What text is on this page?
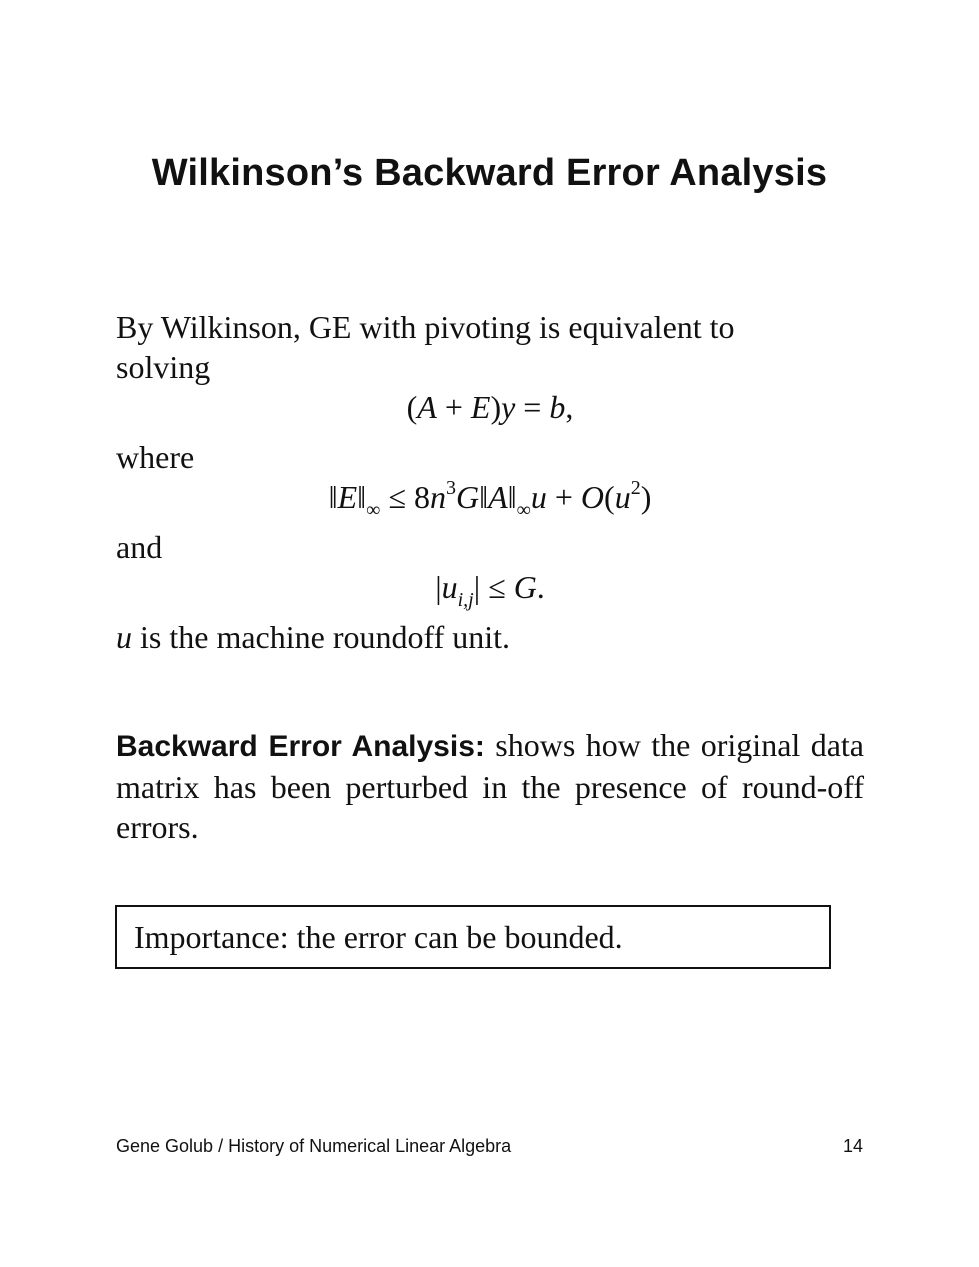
Wilkinson’s Backward Error Analysis

By Wilkinson, GE with pivoting is equivalent to
solving

(A + E)y = b,

where

$‖E‖_\infty$ ≤ $8n^3G‖A‖_\infty u + O(u^2)$

and

$|u_{i,j}| \le G$.

u is the machine roundoff unit.

Backward Error Analysis: shows how the original data matrix has been perturbed in the presence of round-off errors.

Importance: the error can be bounded.
Gene Golub / History of Numerical Linear Algebra	14
